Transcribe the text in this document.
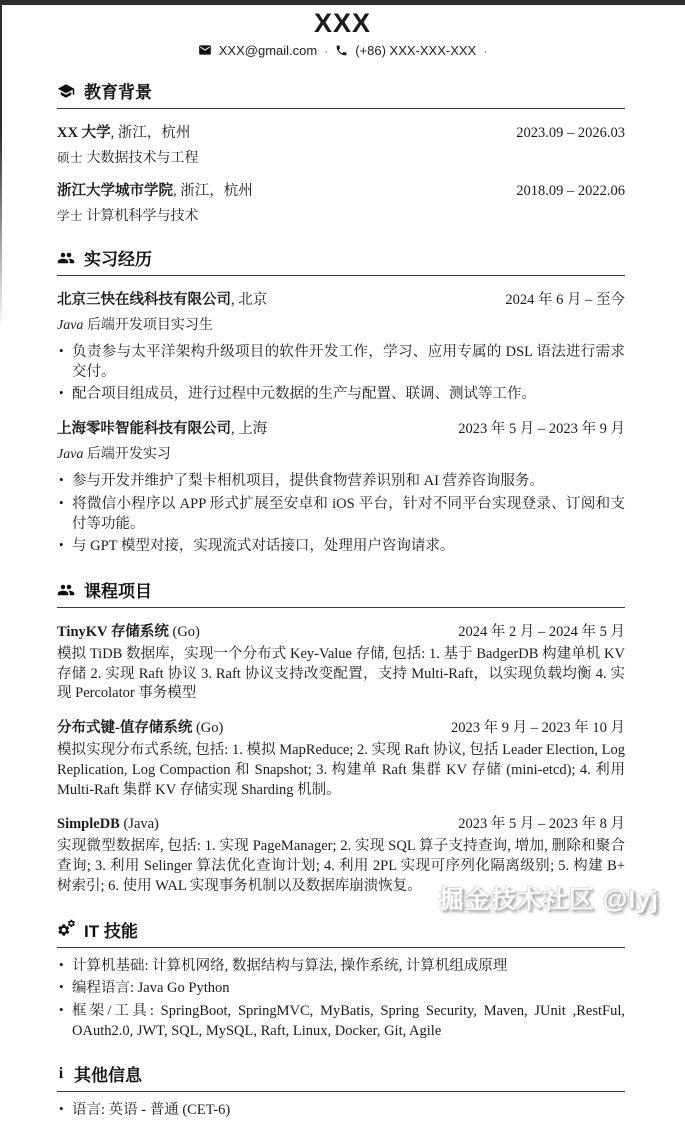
XXX
XXX@gmail.com · (+86) XXX-XXX-XXX ·
教育背景
XX 大学, 浙江，杭州	2023.09 – 2026.03
硕士 大数据技术与工程
浙江大学城市学院, 浙江，杭州	2018.09 – 2022.06
学士 计算机科学与技术
实习经历
北京三快在线科技有限公司, 北京	2024 年 6 月 – 至今
Java 后端开发项目实习生
• 负责参与太平洋架构升级项目的软件开发工作，学习、应用专属的 DSL 语法进行需求交付。
• 配合项目组成员，进行过程中元数据的生产与配置、联调、测试等工作。
上海零咔智能科技有限公司, 上海	2023 年 5 月 – 2023 年 9 月
Java 后端开发实习
• 参与开发并维护了梨卡相机项目，提供食物营养识别和 AI 营养咨询服务。
• 将微信小程序以 APP 形式扩展至安卓和 iOS 平台，针对不同平台实现登录、订阅和支付等功能。
• 与 GPT 模型对接，实现流式对话接口，处理用户咨询请求。
课程项目
TinyKV 存储系统 (Go)	2024 年 2 月 – 2024 年 5 月
模拟 TiDB 数据库，实现一个分布式 Key-Value 存储, 包括: 1. 基于 BadgerDB 构建单机 KV 存储 2. 实现 Raft 协议 3. Raft 协议支持改变配置，支持 Multi-Raft，以实现负载均衡 4. 实现 Percolator 事务模型
分布式键-值存储系统 (Go)	2023 年 9 月 – 2023 年 10 月
模拟实现分布式系统, 包括: 1. 模拟 MapReduce; 2. 实现 Raft 协议, 包括 Leader Election, Log Replication, Log Compaction 和 Snapshot; 3. 构建单 Raft 集群 KV 存储 (mini-etcd); 4. 利用 Multi-Raft 集群 KV 存储实现 Sharding 机制。
SimpleDB (Java)	2023 年 5 月 – 2023 年 8 月
实现微型数据库, 包括: 1. 实现 PageManager; 2. 实现 SQL 算子支持查询, 增加, 删除和聚合查询; 3. 利用 Selinger 算法优化查询计划; 4. 利用 2PL 实现可序列化隔离级别; 5. 构建 B+ 树索引; 6. 使用 WAL 实现事务机制以及数据库崩溃恢复。
IT 技能
• 计算机基础: 计算机网络, 数据结构与算法, 操作系统, 计算机组成原理
• 编程语言: Java Go Python
• 框架/工具: SpringBoot, SpringMVC, MyBatis, Spring Security, Maven, JUnit ,RestFul, OAuth2.0, JWT, SQL, MySQL, Raft, Linux, Docker, Git, Agile
i 其他信息
• 语言: 英语 - 普通 (CET-6)
掘金技术社区 @lyj
